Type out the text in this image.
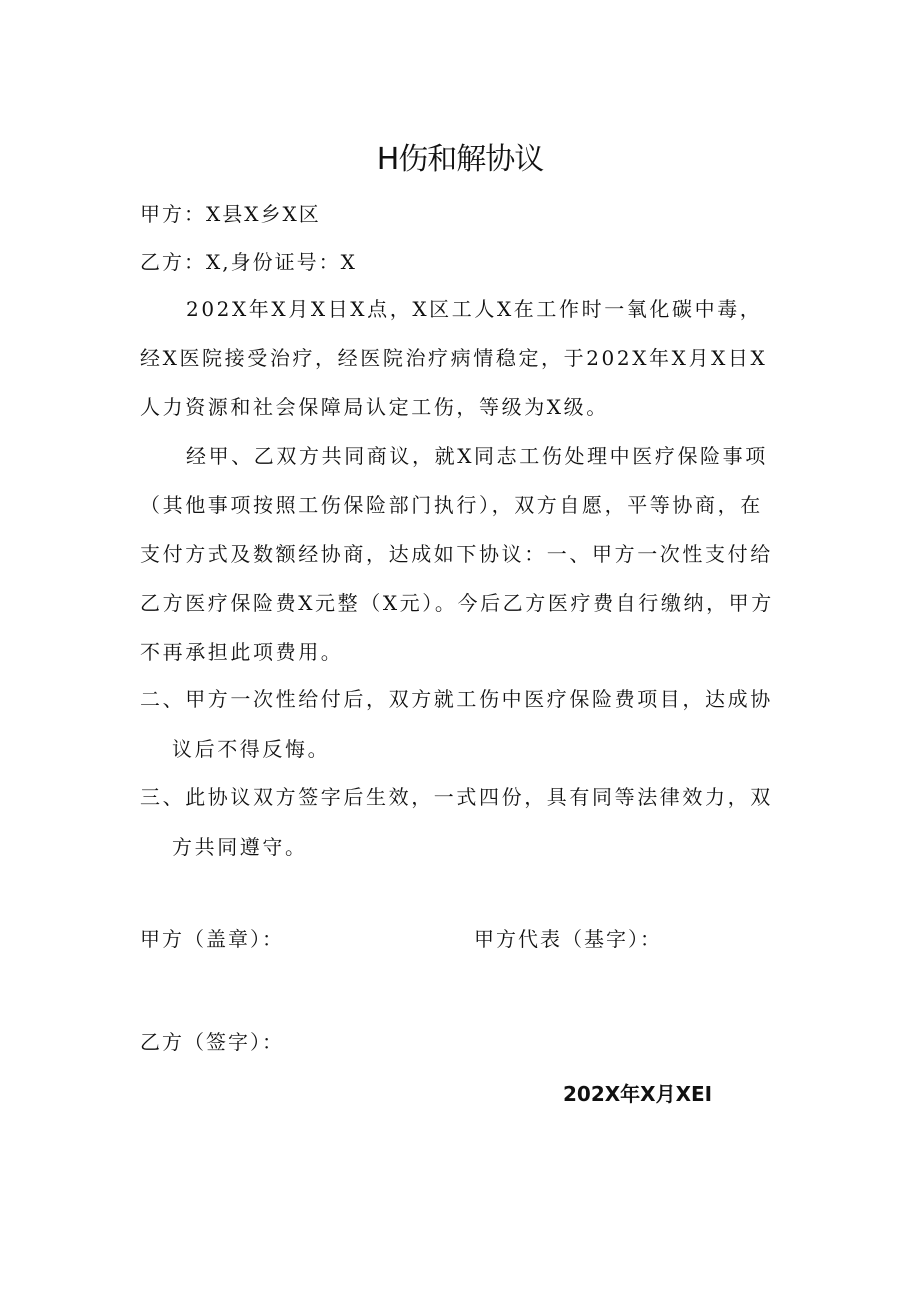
H伤和解协议
甲方：X县X乡X区
乙方：X,身份证号：X
202X年X月X日X点，X区工人X在工作时一氧化碳中毒，经X医院接受治疗，经医院治疗病情稳定，于202X年X月X日X人力资源和社会保障局认定工伤，等级为X级。
经甲、乙双方共同商议，就X同志工伤处理中医疗保险事项（其他事项按照工伤保险部门执行），双方自愿，平等协商，在支付方式及数额经协商，达成如下协议：一、甲方一次性支付给乙方医疗保险费X元整（X元）。今后乙方医疗费自行缴纳，甲方不再承担此项费用。
二、甲方一次性给付后，双方就工伤中医疗保险费项目，达成协议后不得反悔。
三、此协议双方签字后生效，一式四份，具有同等法律效力，双方共同遵守。
甲方（盖章）：	甲方代表（基字）：
乙方（签字）：
202X年X月XEI
